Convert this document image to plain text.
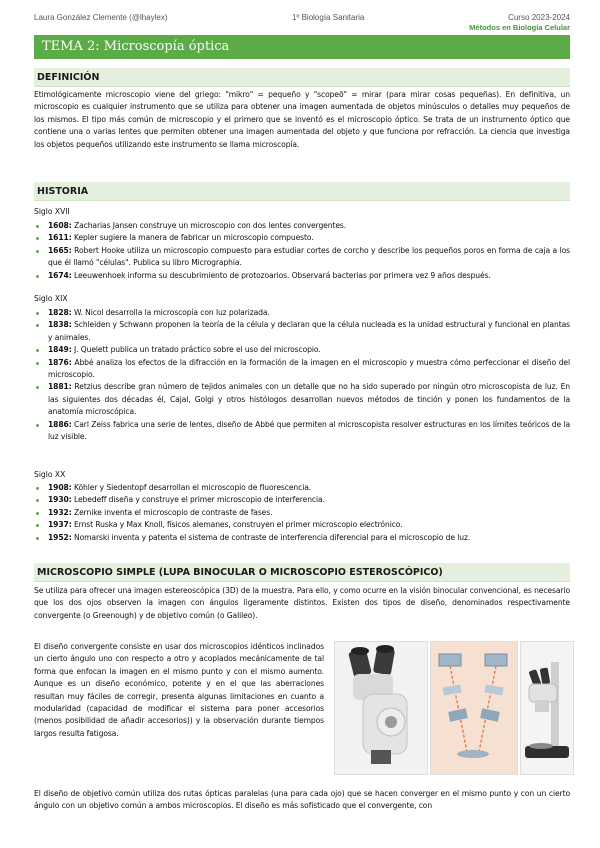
Laura González Clemente (@lhaylex)	1º Biología Sanitaria	Curso 2023-2024
Métodos en Biología Celular
TEMA 2: Microscopía óptica
DEFINICIÓN
Etimológicamente microscopio viene del griego: "mikro" = pequeño y "scopeō" = mirar (para mirar cosas pequeñas). En definitiva, un microscopio es cualquier instrumento que se utiliza para obtener una imagen aumentada de objetos minúsculos o detalles muy pequeños de los mismos. El tipo más común de microscopio y el primero que se inventó es el microscopio óptico. Se trata de un instrumento óptico que contiene una o varias lentes que permiten obtener una imagen aumentada del objeto y que funciona por refracción. La ciencia que investiga los objetos pequeños utilizando este instrumento se llama microscopía.
HISTORIA
Siglo XVII
1608: Zacharias Jansen construye un microscopio con dos lentes convergentes.
1611: Kepler sugiere la manera de fabricar un microscopio compuesto.
1665: Robert Hooke utiliza un microscopio compuesto para estudiar cortes de corcho y describe los pequeños poros en forma de caja a los que él llamó "células". Publica su libro Micrographia.
1674: Leeuwenhoek informa su descubrimiento de protozoarios. Observará bacterias por primera vez 9 años después.
Siglo XIX
1828: W. Nicol desarrolla la microscopía con luz polarizada.
1838: Schleiden y Schwann proponen la teoría de la célula y declaran que la célula nucleada es la unidad estructural y funcional en plantas y animales.
1849: J. Quelett publica un tratado práctico sobre el uso del microscopio.
1876: Abbé analiza los efectos de la difracción en la formación de la imagen en el microscopio y muestra cómo perfeccionar el diseño del microscopio.
1881: Retzius describe gran número de tejidos animales con un detalle que no ha sido superado por ningún otro microscopista de luz. En las siguientes dos décadas él, Cajal, Golgi y otros histólogos desarrollan nuevos métodos de tinción y ponen los fundamentos de la anatomía microscópica.
1886: Carl Zeiss fabrica una serie de lentes, diseño de Abbé que permiten al microscopista resolver estructuras en los límites teóricos de la luz visible.
Siglo XX
1908: Köhler y Siedentopf desarrollan el microscopio de fluorescencia.
1930: Lebedeff diseña y construye el primer microscopio de interferencia.
1932: Zernike inventa el microscopio de contraste de fases.
1937: Ernst Ruska y Max Knoll, físicos alemanes, construyen el primer microscopio electrónico.
1952: Nomarski inventa y patenta el sistema de contraste de interferencia diferencial para el microscopio de luz.
MICROSCOPIO SIMPLE (LUPA BINOCULAR O MICROSCOPIO ESTEROSCÓPICO)
Se utiliza para ofrecer una imagen estereoscópica (3D) de la muestra. Para ello, y como ocurre en la visión binocular convencional, es necesario que los dos ojos observen la imagen con ángulos ligeramente distintos. Existen dos tipos de diseño, denominados respectivamente convergente (o Greenough) y de objetivo común (o Galileo).
El diseño convergente consiste en usar dos microscopios idénticos inclinados un cierto ángulo uno con respecto a otro y acoplados mecánicamente de tal forma que enfocan la imagen en el mismo punto y con el mismo aumento. Aunque es un diseño económico, potente y en el que las aberraciones resultan muy fáciles de corregir, presenta algunas limitaciones en cuanto a modularidad (capacidad de modificar el sistema para poner accesorios (menos posibilidad de añadir accesorios)) y la observación durante tiempos largos resulta fatigosa.
El diseño de objetivo común utiliza dos rutas ópticas paralelas (una para cada ojo) que se hacen converger en el mismo punto y con un cierto ángulo con un objetivo común a ambos microscopios. El diseño es más sofisticado que el convergente, con
